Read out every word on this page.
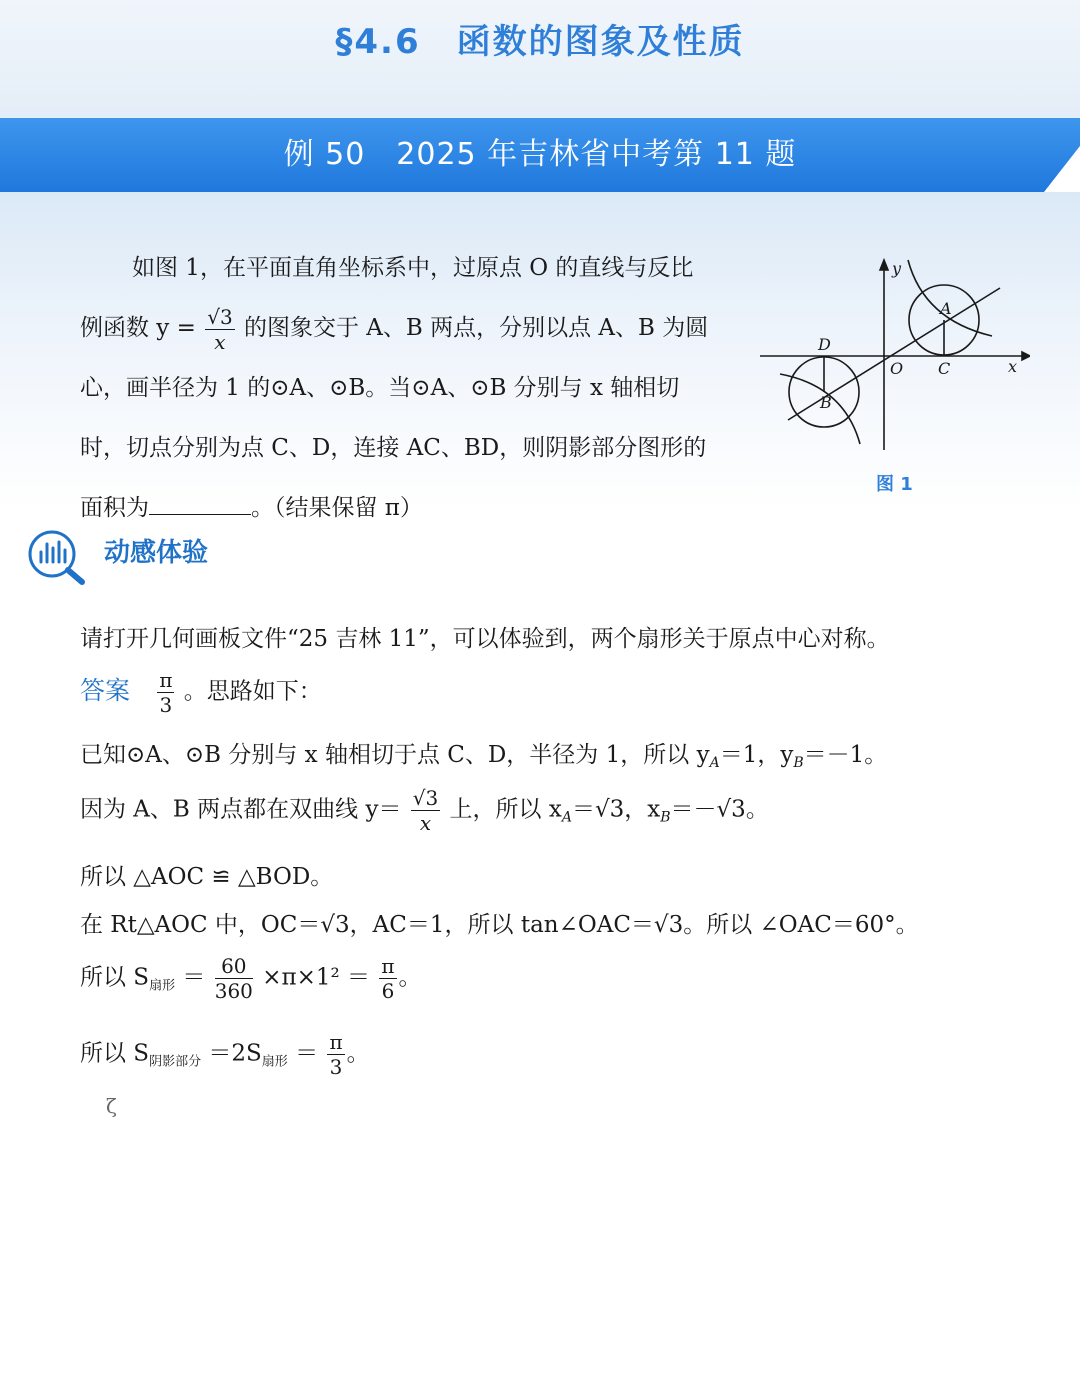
§4.6　函数的图象及性质
例 50　2025 年吉林省中考第 11 题

如图 1，在平面直角坐标系中，过原点 O 的直线与反比

例函数 $y = \frac{√3}{x}$ 的图象交于 A、B 两点，分别以点 A、B 为圆

心，画半径为 1 的⊙A、⊙B。当⊙A、⊙B 分别与 x 轴相切

时，切点分别为点 C、D，连接 AC、BD，则阴影部分图形的

面积为	。（结果保留 π）

y
x
O
A
B
C
D
图 1
动感体验
请打开几何画板文件“25 吉林 11”，可以体验到，两个扇形关于原点中心对称。
答案 $\frac{\pi}{3}$ 。思路如下：
已知⊙A、⊙B 分别与 x 轴相切于点 C、D，半径为 1，所以 $y_A=1$，$y_B=-1$。
因为 A、B 两点都在双曲线 $y= \frac{√3}{x}$ 上，所以 $x_A=√3$，$x_B=-√3$。
所以 △AOC ≌ △BOD。
在 Rt△AOC 中，OC＝√3，AC＝1，所以 tan∠OAC＝√3。所以 ∠OAC＝60°。
所以 $S_{扇形} = \frac{60}{360} \times\pi\times 1^2 = \frac{\pi}{6}$ 。
所以 $S_{阴影部分} =2S_{扇形} = \frac{\pi}{3}$ 。
ζ
